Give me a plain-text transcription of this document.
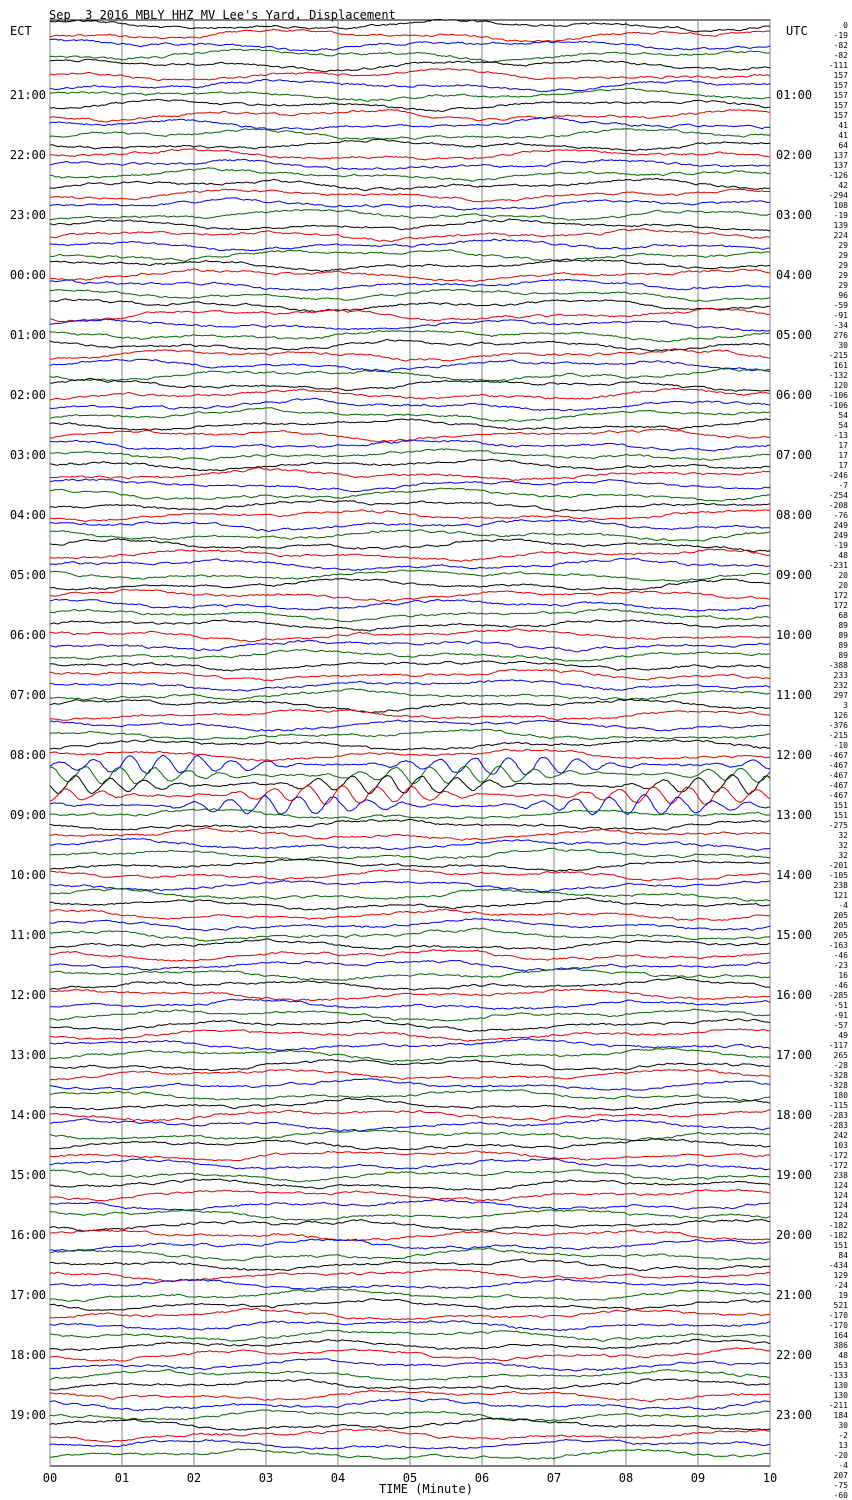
Sep  3 2016 MBLY HHZ MV Lee's Yard, Displacement
ECT	UTC
00	01	02	03	04	05	06	07	08	09	10
21:00
22:00
23:00
00:00
01:00
02:00
03:00
04:00
05:00
06:00
07:00
08:00
09:00
10:00
11:00
12:00
13:00
14:00
15:00
16:00
17:00
18:00
19:00
01:00
02:00
03:00
04:00
05:00
06:00
07:00
08:00
09:00
10:00
11:00
12:00
13:00
14:00
15:00
16:00
17:00
18:00
19:00
20:00
21:00
22:00
23:00
0
-19
-82
-82
-111
157
157
157
157
157
41
41
64
137
137
-126
42
-294
108
-19
139
224
29
29
29
29
29
96
-59
-91
-34
276
30
-215
161
-132
120
-106
-106
54
54
-13
17
17
17
-246
-7
-254
-208
-76
249
249
-19
48
-231
20
20
172
172
68
89
89
89
89
-388
233
232
297
3
126
-376
-215
-10
-467
-467
-467
-467
-467
151
151
-275
32
32
32
-201
-105
238
121
-4
205
205
205
-163
-46
-23
16
-46
-285
-51
-91
-57
49
-117
265
-28
-328
-328
180
-115
-283
-283
242
103
-172
-172
238
124
124
124
124
-182
-182
151
84
-434
129
-24
19
521
-170
-170
164
386
48
153
-133
130
130
-211
184
30
-2
13
-20
-4
207
-75
-60
TIME (Minute)
